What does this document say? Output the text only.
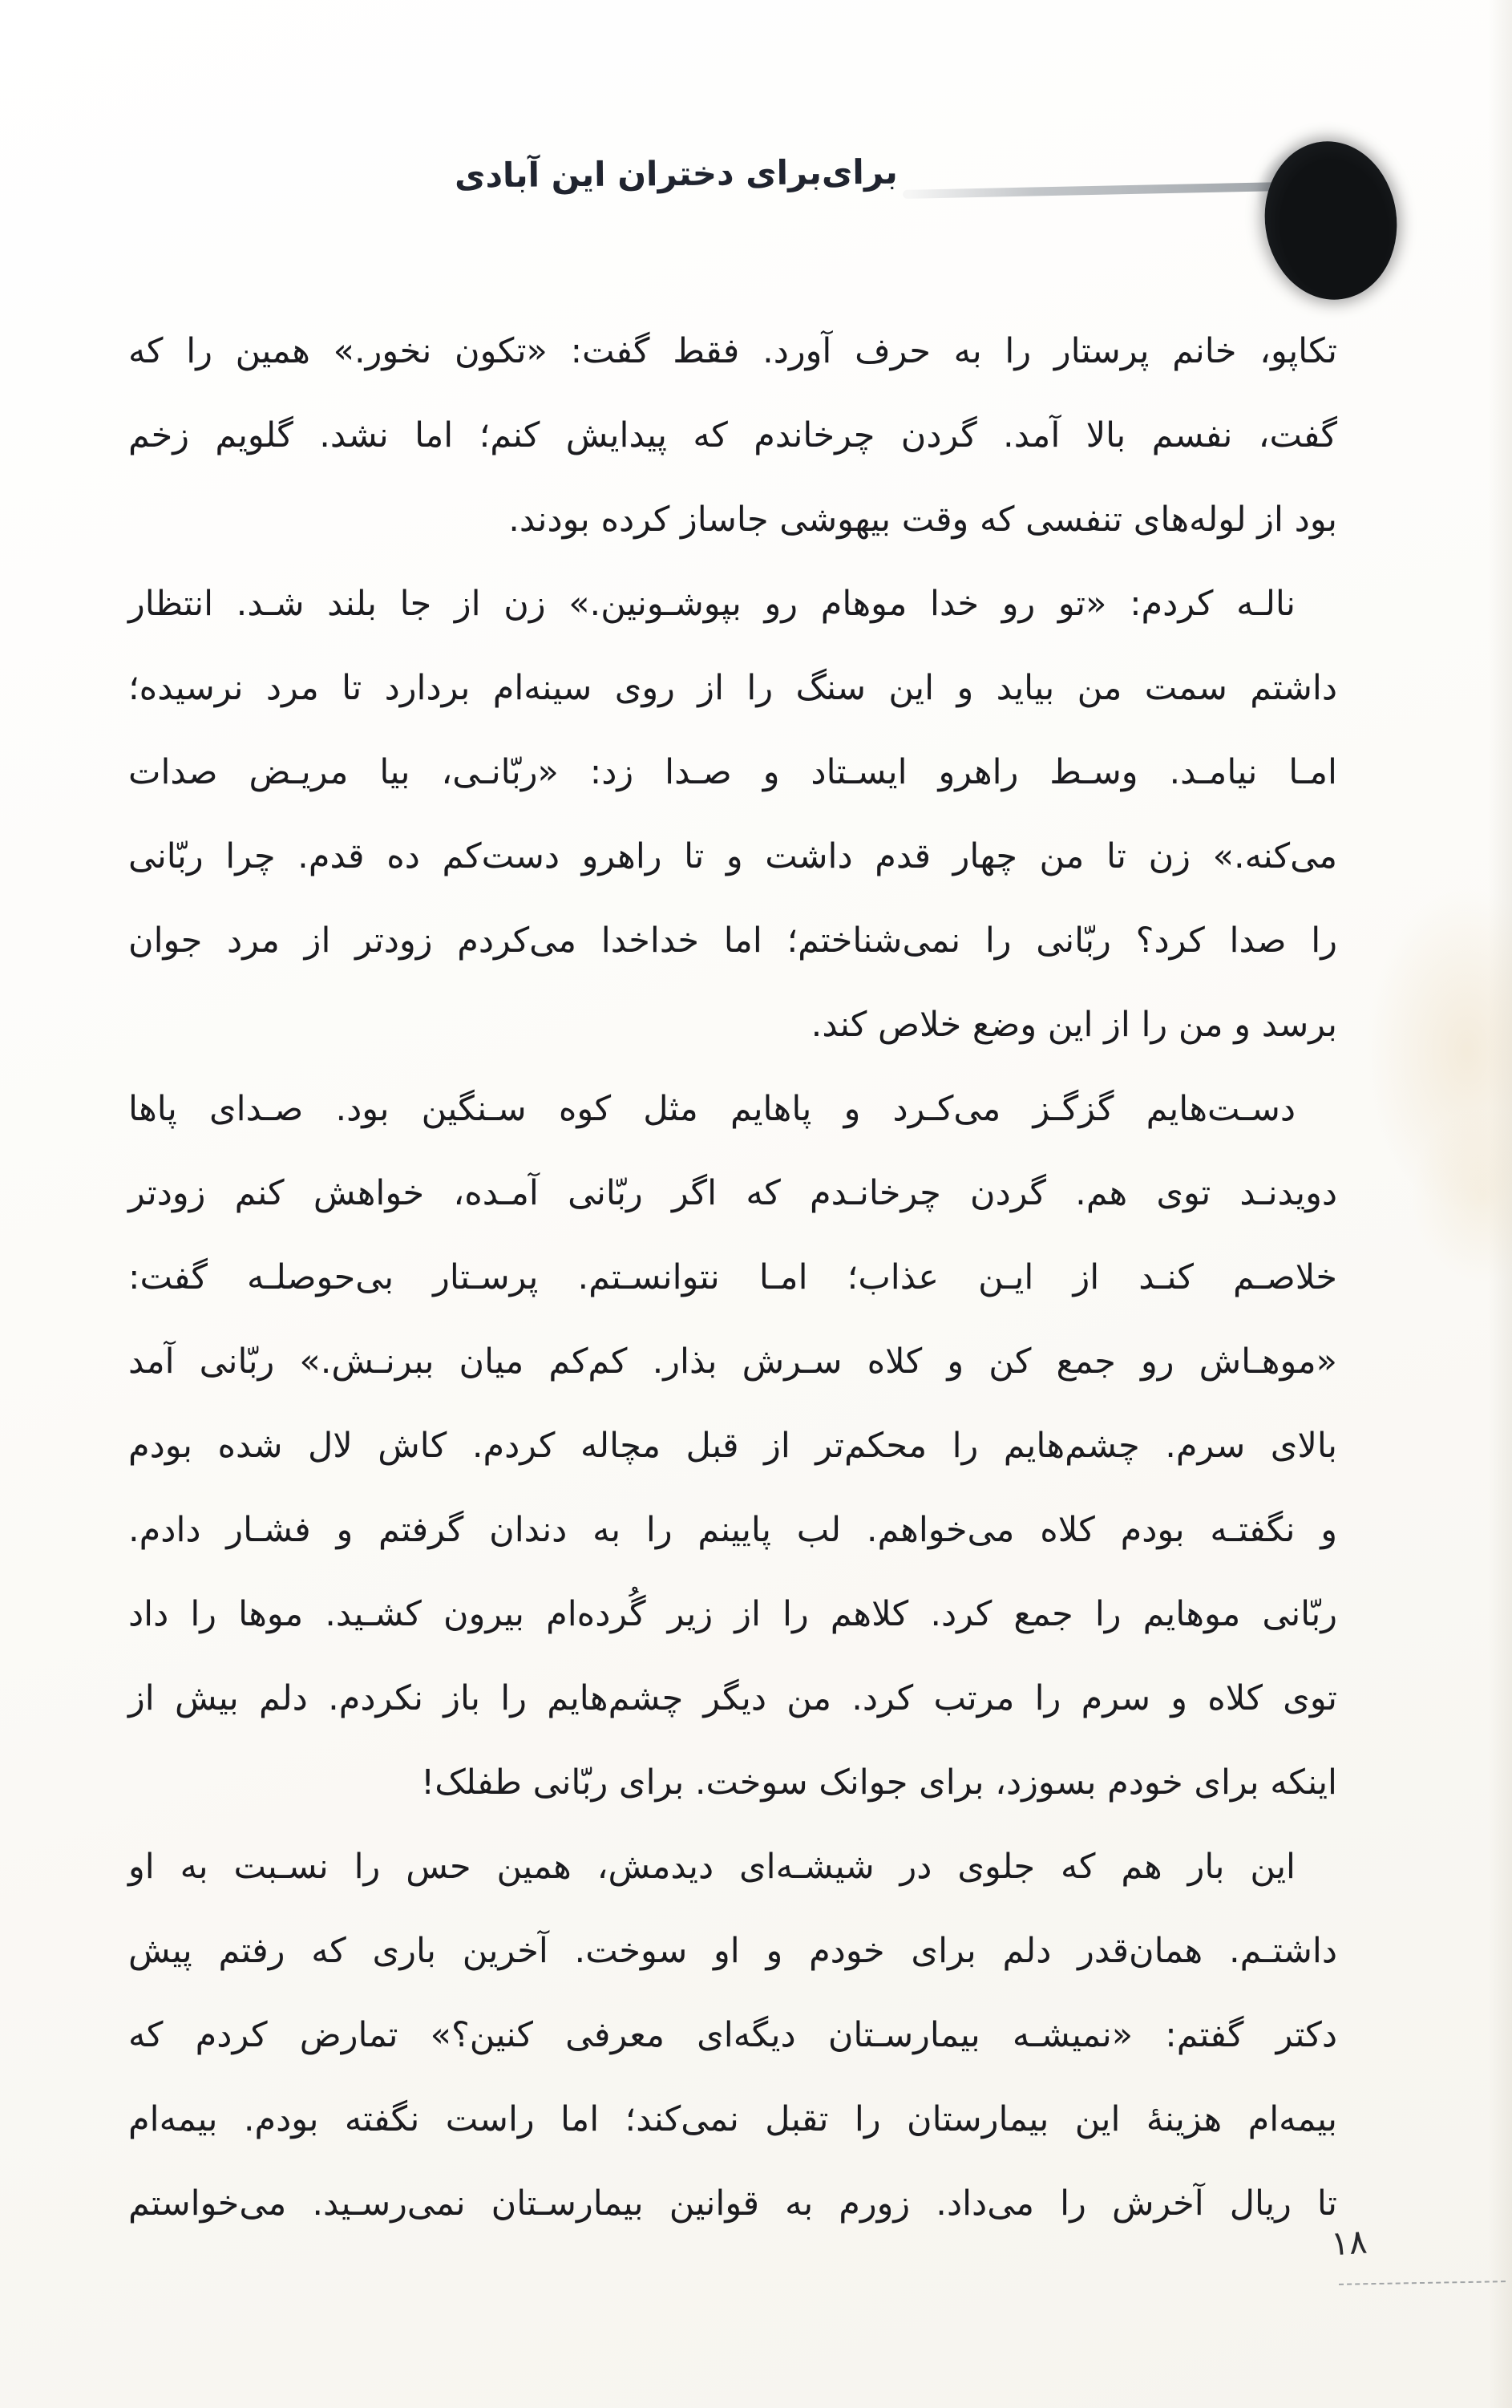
برای‌برای دختران این آبادی
تکاپو، خانم پرستار را به حرف آورد. فقط گفت: «تکون نخور.» همین را که
گفت، نفسم بالا آمد. گردن چرخاندم که پیدایش کنم؛ اما نشد. گلویم زخم
بود از لوله‌های تنفسی که وقت بیهوشی جاساز کرده بودند.
نالـه کردم: «تو رو خدا موهام رو بپوشـونین.» زن از جا بلند شـد. انتظار
داشتم سمت من بیاید و این سنگ را از روی سینه‌ام بردارد تا مرد نرسیده؛
امـا نیامـد. وسـط راهرو ایسـتاد و صـدا زد: «ربّانـی، بیا مریـض صدات
می‌کنه.» زن تا من چهار قدم داشت و تا راهرو دست‌کم ده قدم. چرا ربّانی
را صدا کرد؟ ربّانی را نمی‌شناختم؛ اما خداخدا می‌کردم زودتر از مرد جوان
برسد و من را از این وضع خلاص کند.
دسـت‌هایم گزگـز می‌کـرد و پاهایم مثل کوه سـنگین بود. صـدای پاها
دویدنـد توی هم. گردن چرخانـدم که اگر ربّانی آمـده، خواهش کنم زودتر
خلاصـم کنـد از ایـن عذاب؛ امـا نتوانسـتم. پرسـتار بی‌حوصلـه گفت:
«موهـاش رو جمع کن و کلاه سـرش بذار. کم‌کم میان ببرنـش.» ربّانی آمد
بالای سرم. چشم‌هایم را محکم‌تر از قبل مچاله کردم. کاش لال شده بودم
و نگفتـه بودم کلاه می‌خواهم. لب پایینم را به دندان گرفتم و فشـار دادم.
ربّانی موهایم را جمع کرد. کلاهم را از زیر گُرده‌ام بیرون کشـید. موها را داد
توی کلاه و سرم را مرتب کرد. من دیگر چشم‌هایم را باز نکردم. دلم بیش از
اینکه برای خودم بسوزد، برای جوانک سوخت. برای ربّانی طفلک!
این بار هم که جلوی در شیشـه‌ای دیدمش، همین حس را نسـبت به او
داشتـم. همان‌قدر دلم برای خودم و او سوخت. آخرین باری که رفتم پیش
دکتر گفتم: «نمیشـه بیمارسـتان دیگه‌ای معرفی کنین؟» تمارض کردم که
بیمه‌ام هزینهٔ این بیمارستان را تقبل نمی‌کند؛ اما راست نگفته بودم. بیمه‌ام
تا ریال آخرش را می‌داد. زورم به قوانین بیمارسـتان نمی‌رسـید. می‌خواستم
۱۸
